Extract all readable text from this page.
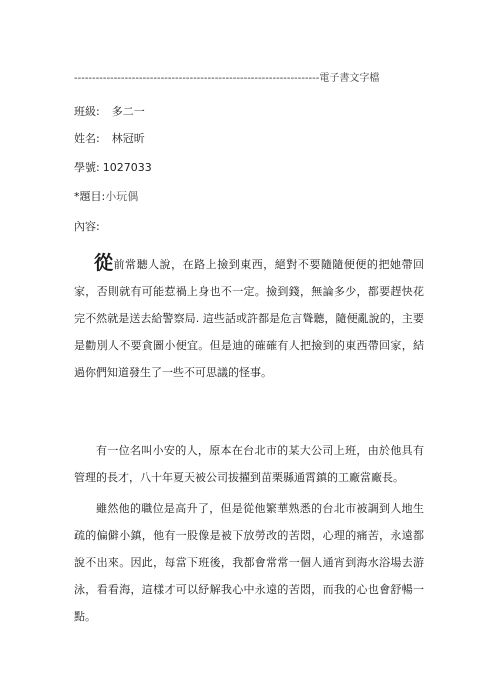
--------------------------------------------------------------------電子書文字檔
班級: 多二一
姓名: 林冠昕
學號: 1027033
*題目:小玩偶
內容:
從前常聽人說，在路上撿到東西，絕對不要隨隨便便的把她帶回家，否則就有可能惹禍上身也不一定。撿到錢，無論多少，都要趕快花完不然就是送去給警察局. 這些話或許都是危言聳聽，隨便亂說的，主要是勸別人不要貪圖小便宜。但是迪的確確有人把撿到的東西帶回家，結過你們知道發生了一些不可思議的怪事。
有一位名叫小安的人，原本在台北市的某大公司上班，由於他具有管理的長才，八十年夏天被公司拔擢到苗栗縣通霄鎮的工廠當廠長。
雖然他的職位是高升了，但是從他繁華熟悉的台北市被調到人地生疏的偏僻小鎮，他有一股像是被下放勞改的苦悶，心理的痛苦，永遠都說不出來。因此，每當下班後，我都會常常一個人通宵到海水浴場去游泳，看看海，這樣才可以紓解我心中永遠的苦悶，而我的心也會舒暢一點。
